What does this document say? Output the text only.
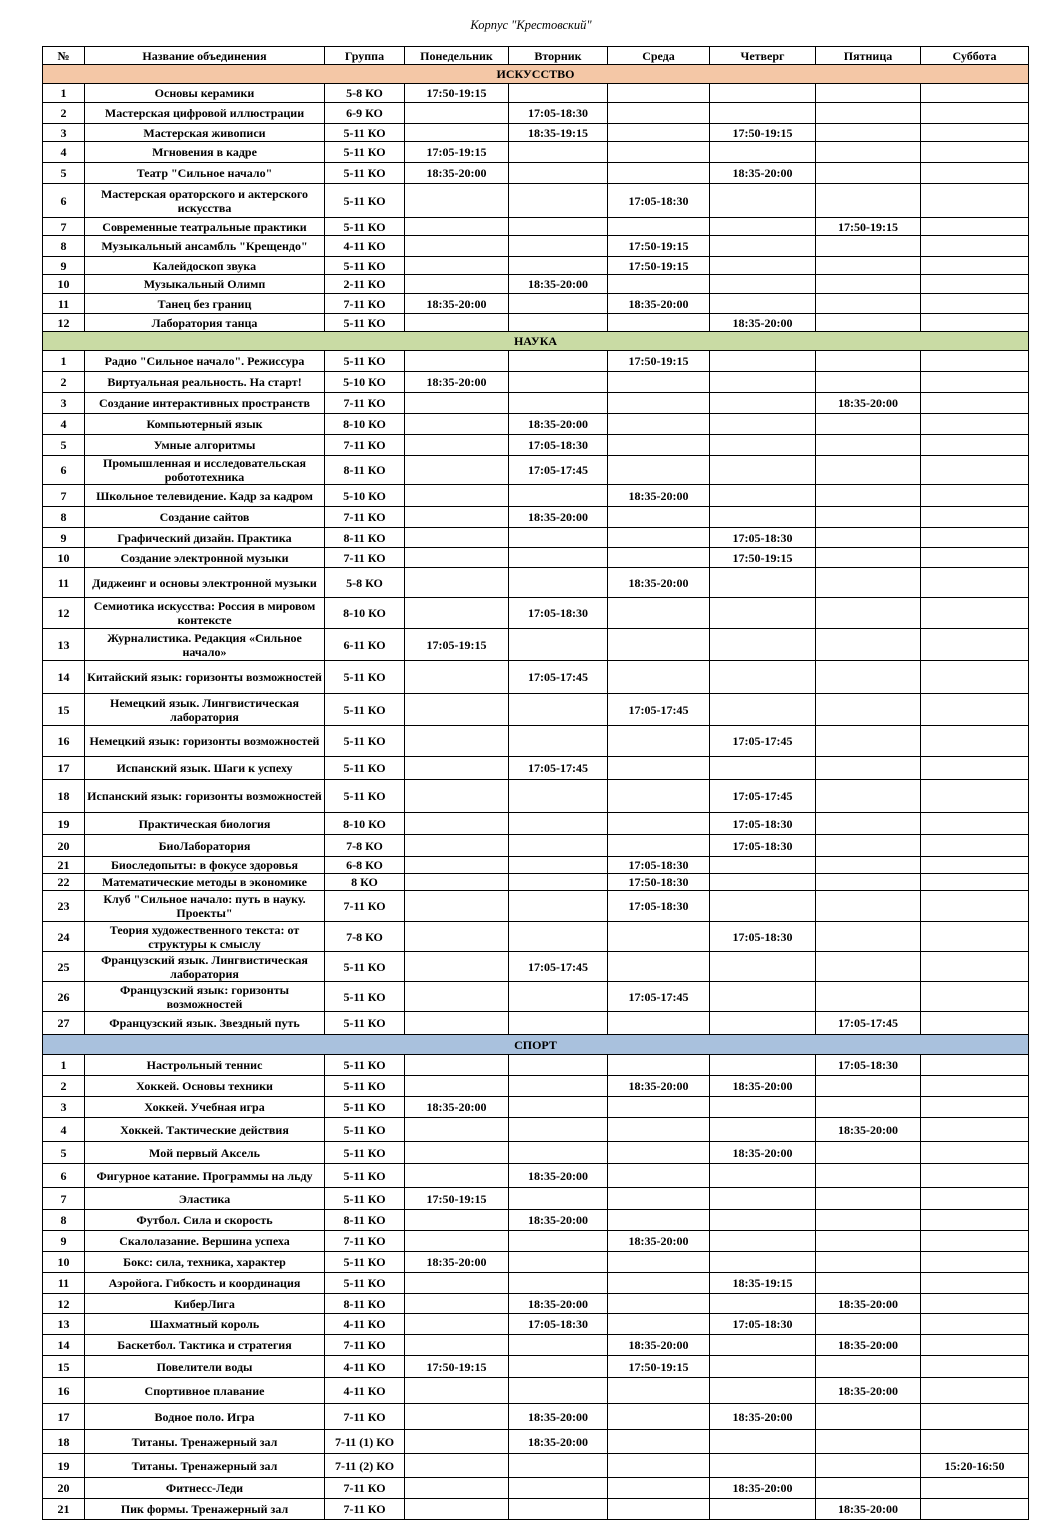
Корпус "Крестовский"
№	Название объединения	Группа	Понедельник	Вторник	Среда	Четверг	Пятница	Суббота
ИСКУССТВО								
1	Основы керамики	5-8 КО	17:50-19:15					
2	Мастерская цифровой иллюстрации	6-9 КО		17:05-18:30				
3	Мастерская живописи	5-11 КО		18:35-19:15		17:50-19:15		
4	Мгновения в кадре	5-11 КО	17:05-19:15					
5	Театр "Сильное начало"	5-11 КО	18:35-20:00			18:35-20:00		
6	Мастерская ораторского и актерского искусства	5-11 КО			17:05-18:30			
7	Современные театральные практики	5-11 КО					17:50-19:15	
8	Музыкальный ансамбль "Крещендо"	4-11 КО			17:50-19:15			
9	Калейдоскоп звука	5-11 КО			17:50-19:15			
10	Музыкальный Олимп	2-11 КО		18:35-20:00				
11	Танец без границ	7-11 КО	18:35-20:00		18:35-20:00			
12	Лаборатория танца	5-11 КО				18:35-20:00		
НАУКА								
1	Радио "Сильное начало". Режиссура	5-11 КО			17:50-19:15			
2	Виртуальная реальность. На старт!	5-10 КО	18:35-20:00					
3	Создание интерактивных пространств	7-11 КО					18:35-20:00	
4	Компьютерный язык	8-10 КО		18:35-20:00				
5	Умные алгоритмы	7-11 КО		17:05-18:30				
6	Промышленная и исследовательская робототехника	8-11 КО		17:05-17:45				
7	Школьное телевидение. Кадр за кадром	5-10 КО			18:35-20:00			
8	Создание сайтов	7-11 КО		18:35-20:00				
9	Графический дизайн. Практика	8-11 КО				17:05-18:30		
10	Создание электронной музыки	7-11 КО				17:50-19:15		
11	Диджеинг и основы электронной музыки	5-8 КО			18:35-20:00			
12	Семиотика искусства: Россия в мировом контексте	8-10 КО		17:05-18:30				
13	Журналистика. Редакция «Сильное начало»	6-11 КО	17:05-19:15					
14	Китайский язык: горизонты возможностей	5-11 КО		17:05-17:45				
15	Немецкий язык. Лингвистическая лаборатория	5-11 КО			17:05-17:45			
16	Немецкий язык: горизонты возможностей	5-11 КО				17:05-17:45		
17	Испанский язык. Шаги к успеху	5-11 КО		17:05-17:45				
18	Испанский язык: горизонты возможностей	5-11 КО				17:05-17:45		
19	Практическая биология	8-10 КО				17:05-18:30		
20	БиоЛаборатория	7-8 КО				17:05-18:30		
21	Биоследопыты: в фокусе здоровья	6-8 КО			17:05-18:30			
22	Математические методы в экономике	8 КО			17:50-18:30			
23	Клуб "Сильное начало: путь в науку. Проекты"	7-11 КО			17:05-18:30			
24	Теория художественного текста: от структуры к смыслу	7-8 КО				17:05-18:30		
25	Французский язык. Лингвистическая лаборатория	5-11 КО		17:05-17:45				
26	Французский язык: горизонты возможностей	5-11 КО			17:05-17:45			
27	Французский язык. Звездный путь	5-11 КО					17:05-17:45	
СПОРТ								
1	Настрольный теннис	5-11 КО					17:05-18:30	
2	Хоккей. Основы техники	5-11 КО			18:35-20:00	18:35-20:00		
3	Хоккей. Учебная игра	5-11 КО	18:35-20:00					
4	Хоккей. Тактические действия	5-11 КО					18:35-20:00	
5	Мой первый Аксель	5-11 КО				18:35-20:00		
6	Фигурное катание. Программы на льду	5-11 КО		18:35-20:00				
7	Эластика	5-11 КО	17:50-19:15					
8	Футбол. Сила и скорость	8-11 КО		18:35-20:00				
9	Скалолазание. Вершина успеха	7-11 КО			18:35-20:00			
10	Бокс: сила, техника, характер	5-11 КО	18:35-20:00					
11	Аэройога. Гибкость и координация	5-11 КО				18:35-19:15		
12	КиберЛига	8-11 КО		18:35-20:00			18:35-20:00	
13	Шахматный король	4-11 КО		17:05-18:30		17:05-18:30		
14	Баскетбол. Тактика и стратегия	7-11 КО			18:35-20:00		18:35-20:00	
15	Повелители воды	4-11 КО	17:50-19:15		17:50-19:15			
16	Спортивное плавание	4-11 КО					18:35-20:00	
17	Водное поло. Игра	7-11 КО		18:35-20:00		18:35-20:00		
18	Титаны. Тренажерный зал	7-11 (1) КО		18:35-20:00				
19	Титаны. Тренажерный зал	7-11 (2) КО						15:20-16:50
20	Фитнесс-Леди	7-11 КО				18:35-20:00		
21	Пик формы. Тренажерный зал	7-11 КО					18:35-20:00	
